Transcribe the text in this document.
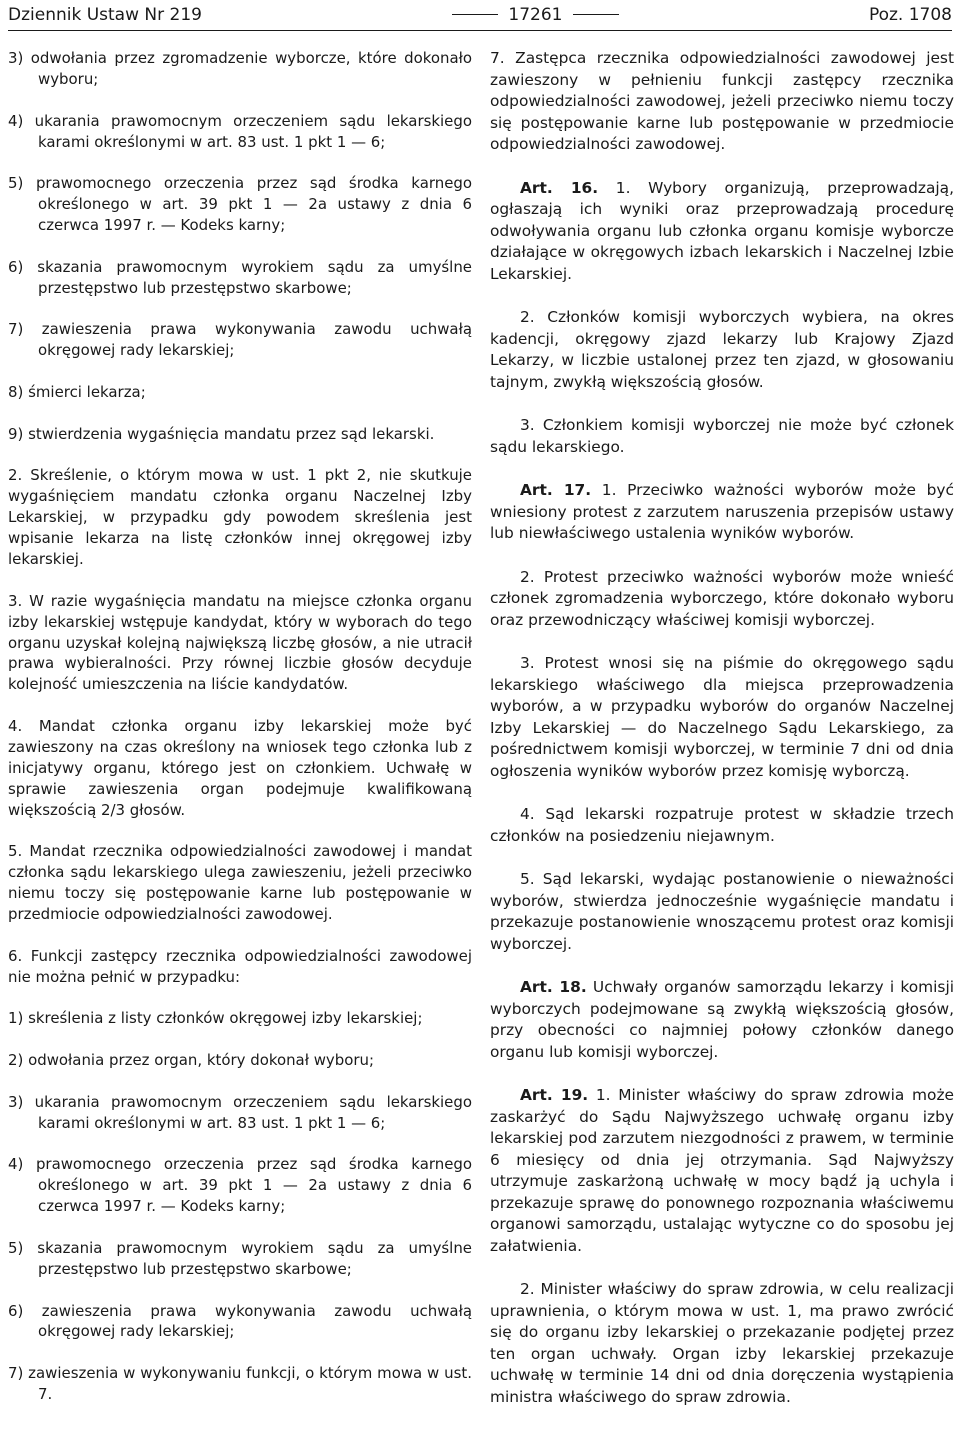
Dziennik Ustaw Nr 219	17261	Poz. 1708

3) odwołania przez zgromadzenie wyborcze, które dokonało wyboru;

4) ukarania prawomocnym orzeczeniem sądu lekarskiego karami określonymi w art. 83 ust. 1 pkt 1 — 6;

5) prawomocnego orzeczenia przez sąd środka karnego określonego w art. 39 pkt 1 — 2a ustawy z dnia 6 czerwca 1997 r. — Kodeks karny;

6) skazania prawomocnym wyrokiem sądu za umyślne przestępstwo lub przestępstwo skarbowe;

7) zawieszenia prawa wykonywania zawodu uchwałą okręgowej rady lekarskiej;

8) śmierci lekarza;

9) stwierdzenia wygaśnięcia mandatu przez sąd lekarski.

2. Skreślenie, o którym mowa w ust. 1 pkt 2, nie skutkuje wygaśnięciem mandatu członka organu Naczelnej Izby Lekarskiej, w przypadku gdy powodem skreślenia jest wpisanie lekarza na listę członków innej okręgowej izby lekarskiej.

3. W razie wygaśnięcia mandatu na miejsce członka organu izby lekarskiej wstępuje kandydat, który w wyborach do tego organu uzyskał kolejną największą liczbę głosów, a nie utracił prawa wybieralności. Przy równej liczbie głosów decyduje kolejność umieszczenia na liście kandydatów.

4. Mandat członka organu izby lekarskiej może być zawieszony na czas określony na wniosek tego członka lub z inicjatywy organu, którego jest on członkiem. Uchwałę w sprawie zawieszenia organ podejmuje kwalifikowaną większością 2/3 głosów.

5. Mandat rzecznika odpowiedzialności zawodowej i mandat członka sądu lekarskiego ulega zawieszeniu, jeżeli przeciwko niemu toczy się postępowanie karne lub postępowanie w przedmiocie odpowiedzialności zawodowej.

6. Funkcji zastępcy rzecznika odpowiedzialności zawodowej nie można pełnić w przypadku:

1) skreślenia z listy członków okręgowej izby lekarskiej;

2) odwołania przez organ, który dokonał wyboru;

3) ukarania prawomocnym orzeczeniem sądu lekarskiego karami określonymi w art. 83 ust. 1 pkt 1 — 6;

4) prawomocnego orzeczenia przez sąd środka karnego określonego w art. 39 pkt 1 — 2a ustawy z dnia 6 czerwca 1997 r. — Kodeks karny;

5) skazania prawomocnym wyrokiem sądu za umyślne przestępstwo lub przestępstwo skarbowe;

6) zawieszenia prawa wykonywania zawodu uchwałą okręgowej rady lekarskiej;

7) zawieszenia w wykonywaniu funkcji, o którym mowa w ust. 7.

7. Zastępca rzecznika odpowiedzialności zawodowej jest zawieszony w pełnieniu funkcji zastępcy rzecznika odpowiedzialności zawodowej, jeżeli przeciwko niemu toczy się postępowanie karne lub postępowanie w przedmiocie odpowiedzialności zawodowej.

Art. 16. 1. Wybory organizują, przeprowadzają, ogłaszają ich wyniki oraz przeprowadzają procedurę odwoływania organu lub członka organu komisje wyborcze działające w okręgowych izbach lekarskich i Naczelnej Izbie Lekarskiej.

2. Członków komisji wyborczych wybiera, na okres kadencji, okręgowy zjazd lekarzy lub Krajowy Zjazd Lekarzy, w liczbie ustalonej przez ten zjazd, w głosowaniu tajnym, zwykłą większością głosów.

3. Członkiem komisji wyborczej nie może być członek sądu lekarskiego.

Art. 17. 1. Przeciwko ważności wyborów może być wniesiony protest z zarzutem naruszenia przepisów ustawy lub niewłaściwego ustalenia wyników wyborów.

2. Protest przeciwko ważności wyborów może wnieść członek zgromadzenia wyborczego, które dokonało wyboru oraz przewodniczący właściwej komisji wyborczej.

3. Protest wnosi się na piśmie do okręgowego sądu lekarskiego właściwego dla miejsca przeprowadzenia wyborów, a w przypadku wyborów do organów Naczelnej Izby Lekarskiej — do Naczelnego Sądu Lekarskiego, za pośrednictwem komisji wyborczej, w terminie 7 dni od dnia ogłoszenia wyników wyborów przez komisję wyborczą.

4. Sąd lekarski rozpatruje protest w składzie trzech członków na posiedzeniu niejawnym.

5. Sąd lekarski, wydając postanowienie o nieważności wyborów, stwierdza jednocześnie wygaśnięcie mandatu i przekazuje postanowienie wnoszącemu protest oraz komisji wyborczej.

Art. 18. Uchwały organów samorządu lekarzy i komisji wyborczych podejmowane są zwykłą większością głosów, przy obecności co najmniej połowy członków danego organu lub komisji wyborczej.

Art. 19. 1. Minister właściwy do spraw zdrowia może zaskarżyć do Sądu Najwyższego uchwałę organu izby lekarskiej pod zarzutem niezgodności z prawem, w terminie 6 miesięcy od dnia jej otrzymania. Sąd Najwyższy utrzymuje zaskarżoną uchwałę w mocy bądź ją uchyla i przekazuje sprawę do ponownego rozpoznania właściwemu organowi samorządu, ustalając wytyczne co do sposobu jej załatwienia.

2. Minister właściwy do spraw zdrowia, w celu realizacji uprawnienia, o którym mowa w ust. 1, ma prawo zwrócić się do organu izby lekarskiej o przekazanie podjętej przez ten organ uchwały. Organ izby lekarskiej przekazuje uchwałę w terminie 14 dni od dnia doręczenia wystąpienia ministra właściwego do spraw zdrowia.
